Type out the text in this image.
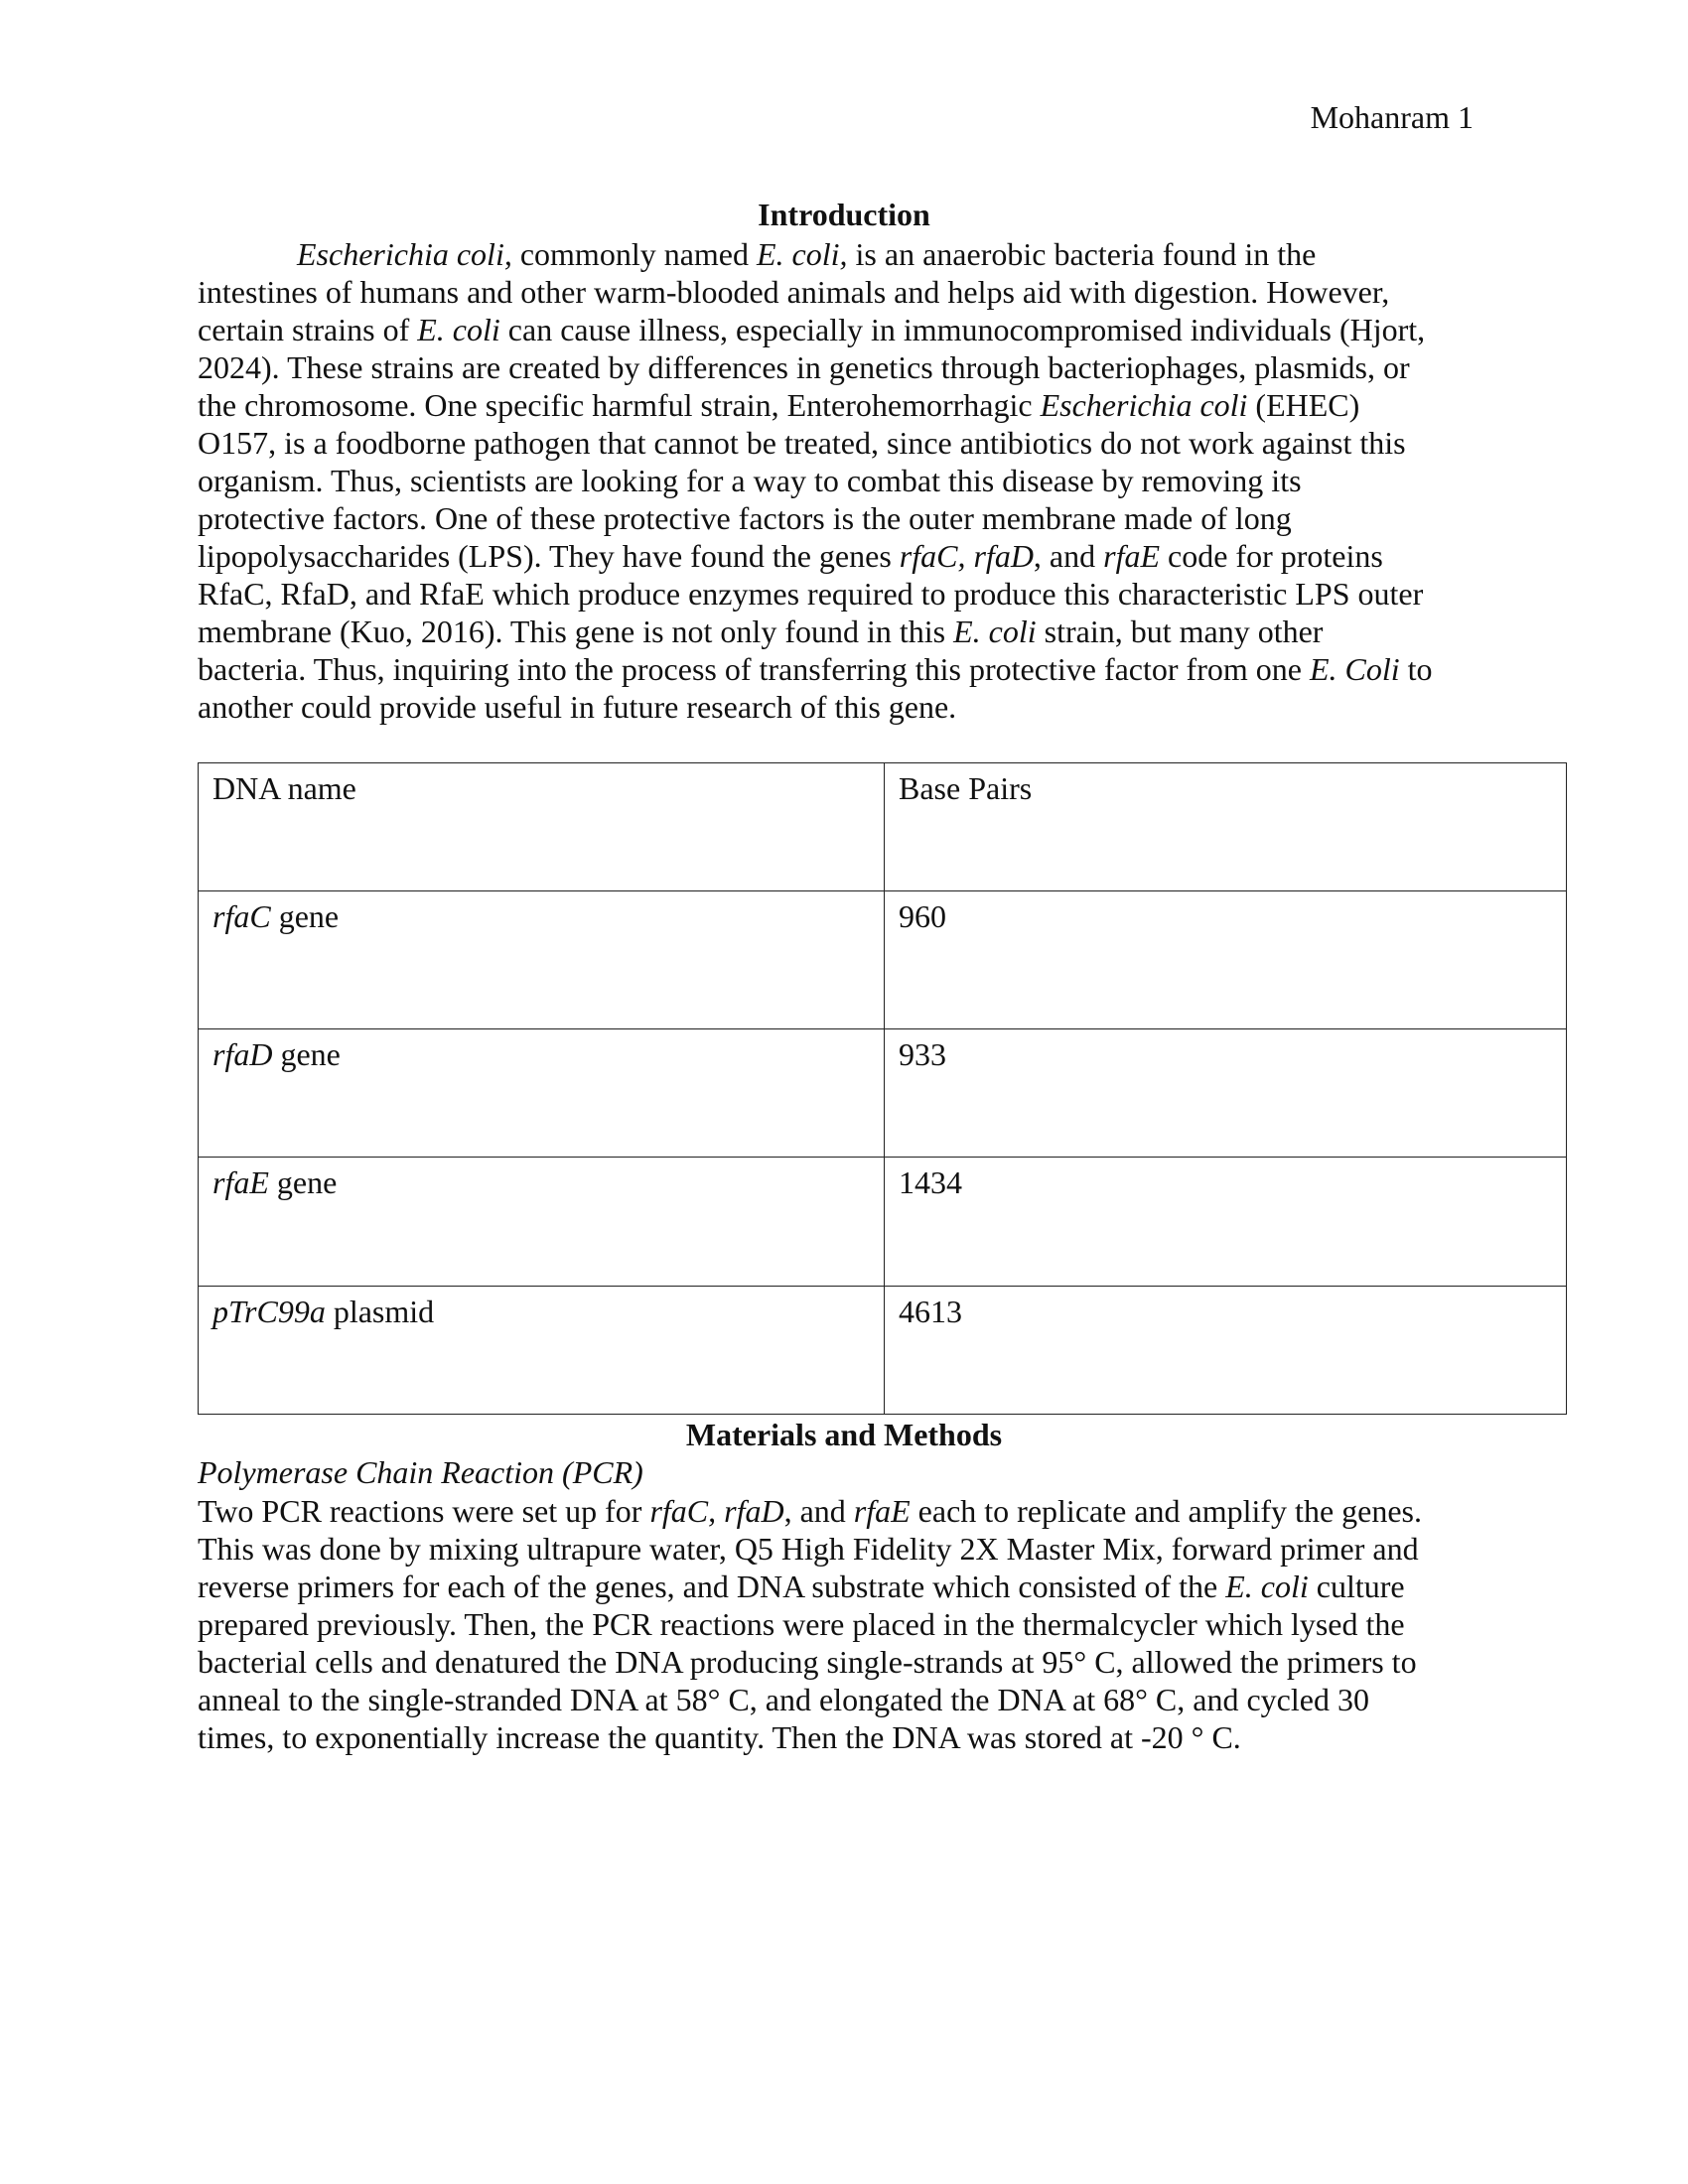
Mohanram 1
Introduction
Escherichia coli, commonly named E. coli, is an anaerobic bacteria found in the
intestines of humans and other warm-blooded animals and helps aid with digestion. However,
certain strains of E. coli can cause illness, especially in immunocompromised individuals (Hjort,
2024). These strains are created by differences in genetics through bacteriophages, plasmids, or
the chromosome. One specific harmful strain, Enterohemorrhagic Escherichia coli (EHEC)
O157, is a foodborne pathogen that cannot be treated, since antibiotics do not work against this
organism. Thus, scientists are looking for a way to combat this disease by removing its
protective factors. One of these protective factors is the outer membrane made of long
lipopolysaccharides (LPS). They have found the genes rfaC, rfaD, and rfaE code for proteins
RfaC, RfaD, and RfaE which produce enzymes required to produce this characteristic LPS outer
membrane (Kuo, 2016). This gene is not only found in this E. coli strain, but many other
bacteria. Thus, inquiring into the process of transferring this protective factor from one E. Coli to
another could provide useful in future research of this gene.
DNA name	Base Pairs
rfaC gene	960
rfaD gene	933
rfaE gene	1434
pTrC99a plasmid	4613
Materials and Methods
Polymerase Chain Reaction (PCR)
Two PCR reactions were set up for rfaC, rfaD, and rfaE each to replicate and amplify the genes.
This was done by mixing ultrapure water, Q5 High Fidelity 2X Master Mix, forward primer and
reverse primers for each of the genes, and DNA substrate which consisted of the E. coli culture
prepared previously. Then, the PCR reactions were placed in the thermalcycler which lysed the
bacterial cells and denatured the DNA producing single-strands at 95° C, allowed the primers to
anneal to the single-stranded DNA at 58° C, and elongated the DNA at 68° C, and cycled 30
times, to exponentially increase the quantity. Then the DNA was stored at -20 ° C.
